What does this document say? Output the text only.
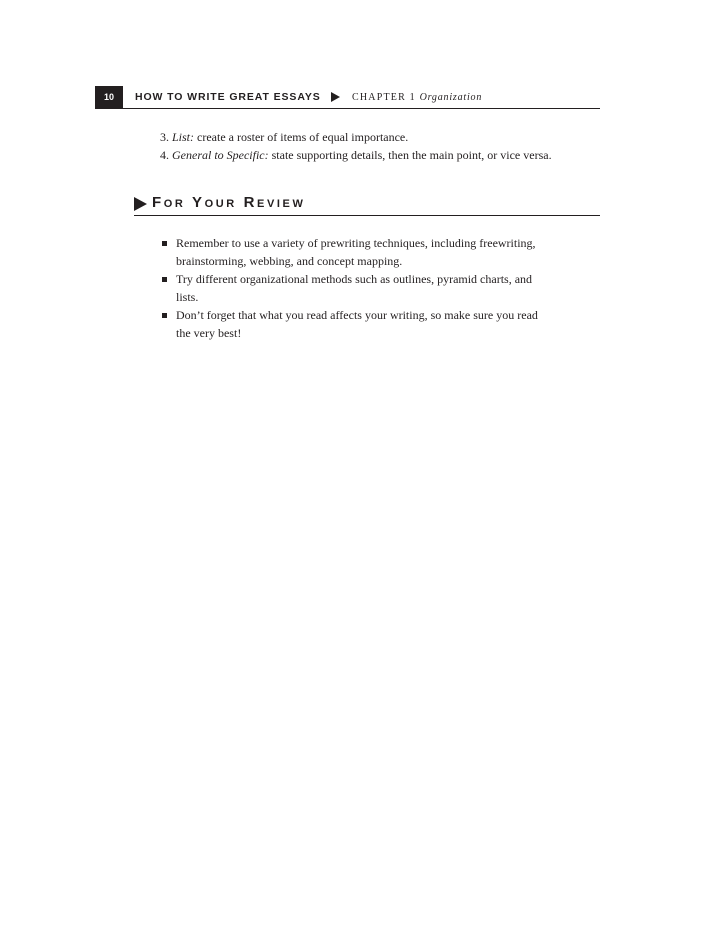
10	HOW TO WRITE GREAT ESSAYS	CHAPTER 1 Organization
3. List: create a roster of items of equal importance.
4. General to Specific: state supporting details, then the main point, or vice versa.
For Your Review
Remember to use a variety of prewriting techniques, including freewriting,
brainstorming, webbing, and concept mapping.
Try different organizational methods such as outlines, pyramid charts, and
lists.
Don’t forget that what you read affects your writing, so make sure you read
the very best!
